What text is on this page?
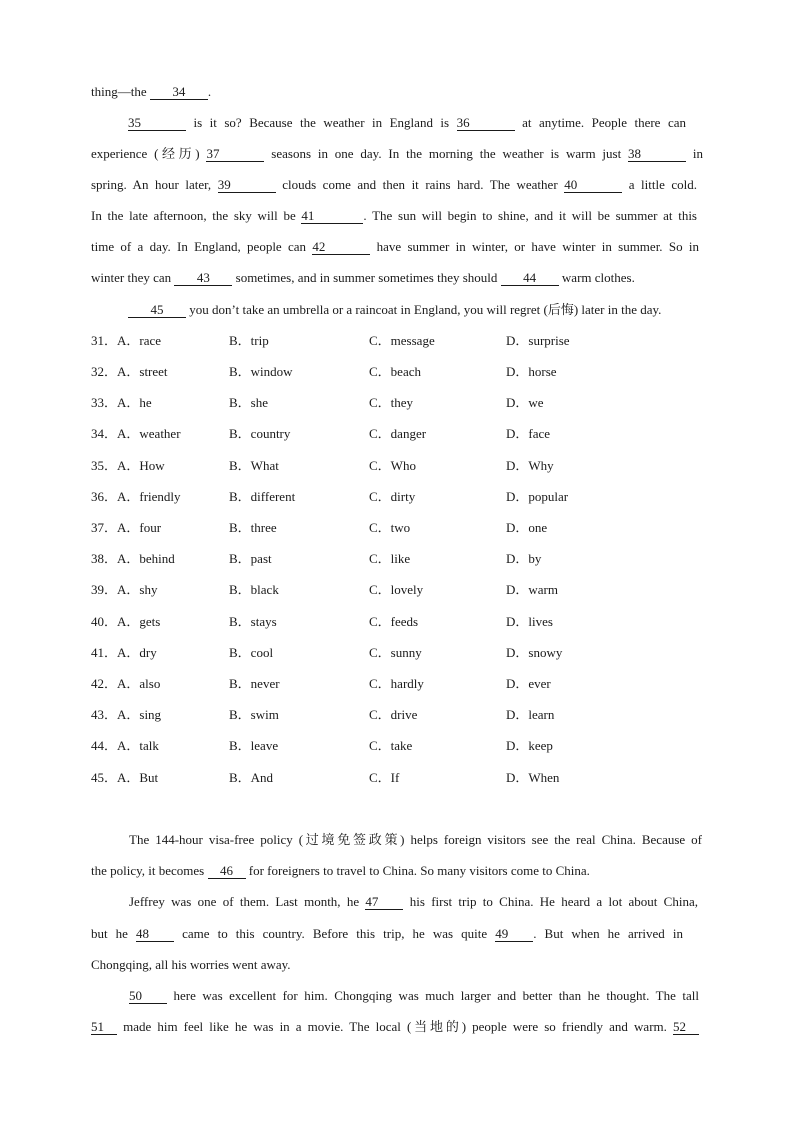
thing—the 34 .
35	is it so? Because the weather in England is 36	at anytime. People there can
experience (经历) 37	seasons in one day. In the morning the weather is warm just 38	in
spring. An hour later, 39	clouds come and then it rains hard. The weather 40	a little cold.
In the late afternoon, the sky will be 41	. The sun will begin to shine, and it will be summer at this
time of a day. In England, people can 42	have summer in winter, or have winter in summer. So in
winter they can 43 sometimes, and in summer sometimes they should 44 warm clothes.
45 you don’t take an umbrella or a raincoat in England, you will regret (后悔) later in the day.
31．A．race	B．trip	C．message	D．surprise
32．A．street	B．window	C．beach	D．horse
33．A．he	B．she	C．they	D．we
34．A．weather	B．country	C．danger	D．face
35．A．How	B．What	C．Who	D．Why
36．A．friendly	B．different	C．dirty	D．popular
37．A．four	B．three	C．two	D．one
38．A．behind	B．past	C．like	D．by
39．A．shy	B．black	C．lovely	D．warm
40．A．gets	B．stays	C．feeds	D．lives
41．A．dry	B．cool	C．sunny	D．snowy
42．A．also	B．never	C．hardly	D．ever
43．A．sing	B．swim	C．drive	D．learn
44．A．talk	B．leave	C．take	D．keep
45．A．But	B．And	C．If	D．When
The 144-hour visa-free policy (过境免签政策) helps foreign visitors see the real China. Because of
the policy, it becomes 46 for foreigners to travel to China. So many visitors come to China.
Jeffrey was one of them. Last month, he 47 his first trip to China. He heard a lot about China,
but he 48 came to this country. Before this trip, he was quite 49 . But when he arrived in
Chongqing, all his worries went away.
50 here was excellent for him. Chongqing was much larger and better than he thought. The tall
51 made him feel like he was in a movie. The local (当地的) people were so friendly and warm. 52
